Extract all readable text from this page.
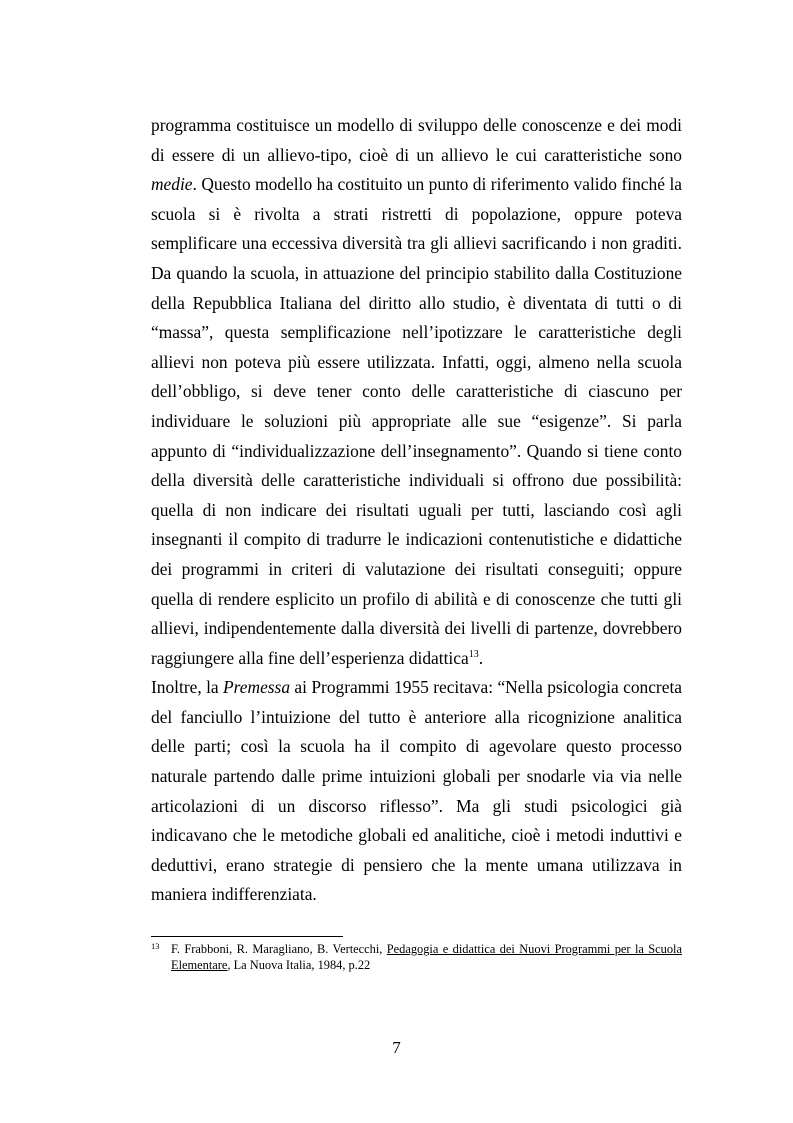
programma costituisce un modello di sviluppo delle conoscenze e dei modi di essere di un allievo-tipo, cioè di un allievo le cui caratteristiche sono medie. Questo modello ha costituito un punto di riferimento valido finché la scuola si è rivolta a strati ristretti di popolazione, oppure poteva semplificare una eccessiva diversità tra gli allievi sacrificando i non graditi. Da quando la scuola, in attuazione del principio stabilito dalla Costituzione della Repubblica Italiana del diritto allo studio, è diventata di tutti o di “massa”, questa semplificazione nell’ipotizzare le caratteristiche degli allievi non poteva più essere utilizzata. Infatti, oggi, almeno nella scuola dell’obbligo, si deve tener conto delle caratteristiche di ciascuno per individuare le soluzioni più appropriate alle sue “esigenze”. Si parla appunto di “individualizzazione dell’insegnamento”. Quando si tiene conto della diversità delle caratteristiche individuali si offrono due possibilità: quella di non indicare dei risultati uguali per tutti, lasciando così agli insegnanti il compito di tradurre le indicazioni contenutistiche e didattiche dei programmi in criteri di valutazione dei risultati conseguiti; oppure quella di rendere esplicito un profilo di abilità e di conoscenze che tutti gli allievi, indipendentemente dalla diversità dei livelli di partenze, dovrebbero raggiungere alla fine dell’esperienza didattica$^{13}$.

Inoltre, la Premessa ai Programmi 1955 recitava: “Nella psicologia concreta del fanciullo l’intuizione del tutto è anteriore alla ricognizione analitica delle parti; così la scuola ha il compito di agevolare questo processo naturale partendo dalle prime intuizioni globali per snodarle via via nelle articolazioni di un discorso riflesso”. Ma gli studi psicologici già indicavano che le metodiche globali ed analitiche, cioè i metodi induttivi e deduttivi, erano strategie di pensiero che la mente umana utilizzava in maniera indifferenziata.

13 F. Frabboni, R. Maragliano, B. Vertecchi, Pedagogia e didattica dei Nuovi Programmi per la Scuola Elementare, La Nuova Italia, 1984, p.22
7
